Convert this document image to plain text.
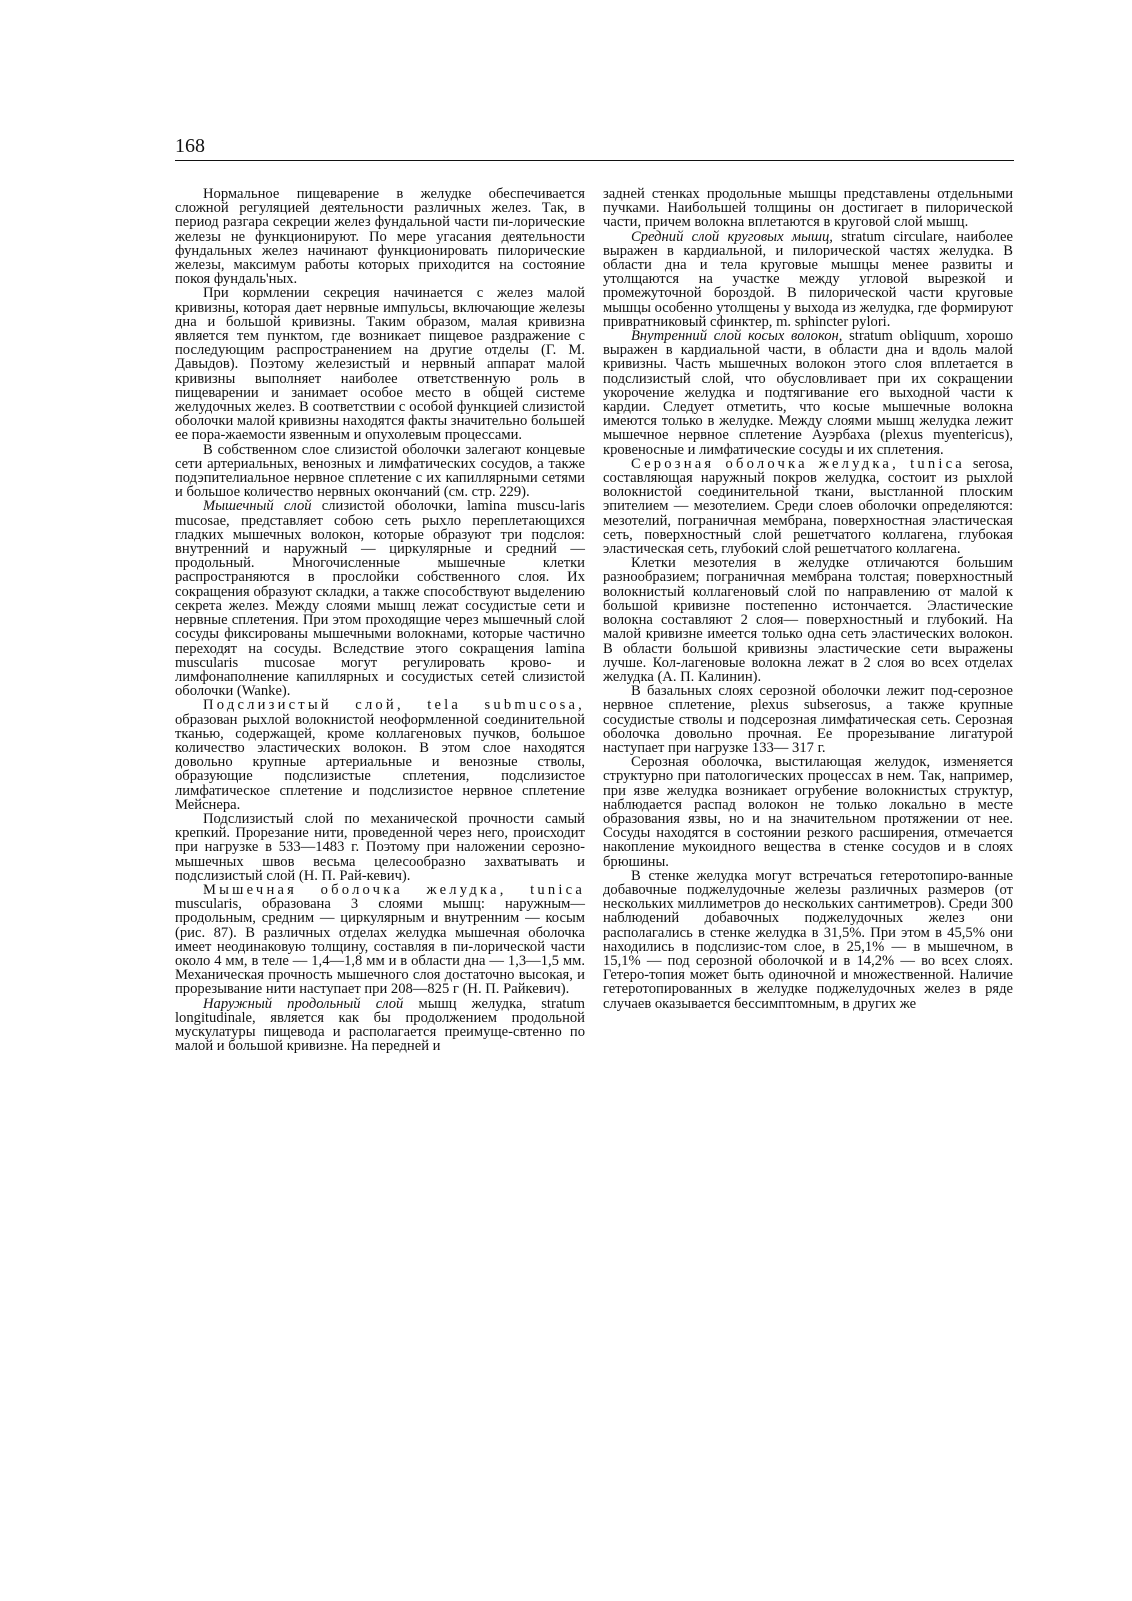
168

Нормальное пищеварение в желудке обеспечивается сложной регуляцией деятельности различных желез. Так, в период разгара секреции желез фундальной части пи-лорические железы не функционируют. По мере угасания деятельности фундальных желез начинают функционировать пилорические железы, максимум работы которых приходится на состояние покоя фундаль'ных.

При кормлении секреция начинается с желез малой кривизны, которая дает нервные импульсы, включающие железы дна и большой кривизны. Таким образом, малая кривизна является тем пунктом, где возникает пищевое раздражение с последующим распространением на другие отделы (Г. М. Давыдов). Поэтому железистый и нервный аппарат малой кривизны выполняет наиболее ответственную роль в пищеварении и занимает особое место в общей системе желудочных желез. В соответствии с особой функцией слизистой оболочки малой кривизны находятся факты значительно большей ее пора-жаемости язвенным и опухолевым процессами.

В собственном слое слизистой оболочки залегают концевые сети артериальных, венозных и лимфатических сосудов, а также подэпителиальное нервное сплетение с их капиллярными сетями и большое количество нервных окончаний (см. стр. 229).

Мышечный слой слизистой оболочки, lamina muscu-laris mucosae, представляет собою сеть рыхло переплетающихся гладких мышечных волокон, которые образуют три подслоя: внутренний и наружный — циркулярные и средний — продольный. Многочисленные мышечные клетки распространяются в прослойки собственного слоя. Их сокращения образуют складки, а также способствуют выделению секрета желез. Между слоями мышц лежат сосудистые сети и нервные сплетения. При этом проходящие через мышечный слой сосуды фиксированы мышечными волокнами, которые частично переходят на сосуды. Вследствие этого сокращения lamina muscularis mucosae могут регулировать крово- и лимфонаполнение капиллярных и сосудистых сетей слизистой оболочки (Wanke).

Подслизистый слой, tela submucosa, образован рыхлой волокнистой неоформленной соединительной тканью, содержащей, кроме коллагеновых пучков, большое количество эластических волокон. В этом слое находятся довольно крупные артериальные и венозные стволы, образующие подслизистые сплетения, подслизистое лимфатическое сплетение и подслизистое нервное сплетение Мейснера.

Подслизистый слой по механической прочности самый крепкий. Прорезание нити, проведенной через него, происходит при нагрузке в 533—1483 г. Поэтому при наложении серозно-мышечных швов весьма целесообразно захватывать и подслизистый слой (Н. П. Рай-кевич).

Мышечная оболочка желудка, tunica muscularis, образована 3 слоями мышц: наружным— продольным, средним — циркулярным и внутренним — косым (рис. 87). В различных отделах желудка мышечная оболочка имеет неодинаковую толщину, составляя в пи-лорической части около 4 мм, в теле — 1,4—1,8 мм и в области дна — 1,3—1,5 мм. Механическая прочность мышечного слоя достаточно высокая, и прорезывание нити наступает при 208—825 г (Н. П. Райкевич).

Наружный продольный слой мышц желудка, stratum longitudinale, является как бы продолжением продольной мускулатуры пищевода и располагается преимуще-свтенно по малой и большой кривизне. На передней и

задней стенках продольные мышцы представлены отдельными пучками. Наибольшей толщины он достигает в пилорической части, причем волокна вплетаются в круговой слой мышц.

Средний слой круговых мышц, stratum circulare, наиболее выражен в кардиальной, и пилорической частях желудка. В области дна и тела круговые мышцы менее развиты и утолщаются на участке между угловой вырезкой и промежуточной бороздой. В пилорической части круговые мышцы особенно утолщены у выхода из желудка, где формируют привратниковый сфинктер, m. sphincter pylori.

Внутренний слой косых волокон, stratum obliquum, хорошо выражен в кардиальной части, в области дна и вдоль малой кривизны. Часть мышечных волокон этого слоя вплетается в подслизистый слой, что обусловливает при их сокращении укорочение желудка и подтягивание его выходной части к кардии. Следует отметить, что косые мышечные волокна имеются только в желудке. Между слоями мышц желудка лежит мышечное нервное сплетение Ауэрбаха (plexus myentericus), кровеносные и лимфатические сосуды и их сплетения.

Серозная оболочка желудка, tunica serosa, составляющая наружный покров желудка, состоит из рыхлой волокнистой соединительной ткани, выстланной плоским эпителием — мезотелием. Среди слоев оболочки определяются: мезотелий, пограничная мембрана, поверхностная эластическая сеть, поверхностный слой решетчатого коллагена, глубокая эластическая сеть, глубокий слой решетчатого коллагена.

Клетки мезотелия в желудке отличаются большим разнообразием; пограничная мембрана толстая; поверхностный волокнистый коллагеновый слой по направлению от малой к большой кривизне постепенно истончается. Эластические волокна составляют 2 слоя— поверхностный и глубокий. На малой кривизне имеется только одна сеть эластических волокон. В области большой кривизны эластические сети выражены лучше. Кол-лагеновые волокна лежат в 2 слоя во всех отделах желудка (А. П. Калинин).

В базальных слоях серозной оболочки лежит под-серозное нервное сплетение, plexus subserosus, а также крупные сосудистые стволы и подсерозная лимфатическая сеть. Серозная оболочка довольно прочная. Ее прорезывание лигатурой наступает при нагрузке 133— 317 г.

Серозная оболочка, выстилающая желудок, изменяется структурно при патологических процессах в нем. Так, например, при язве желудка возникает огрубение волокнистых структур, наблюдается распад волокон не только локально в месте образования язвы, но и на значительном протяжении от нее. Сосуды находятся в состоянии резкого расширения, отмечается накопление мукоидного вещества в стенке сосудов и в слоях брюшины.

В стенке желудка могут встречаться гетеротопиро-ванные добавочные поджелудочные железы различных размеров (от нескольких миллиметров до нескольких сантиметров). Среди 300 наблюдений добавочных поджелудочных желез они располагались в стенке желудка в 31,5%. При этом в 45,5% они находились в подслизис-том слое, в 25,1% — в мышечном, в 15,1% — под серозной оболочкой и в 14,2% — во всех слоях. Гетеро-топия может быть одиночной и множественной. Наличие гетеротопированных в желудке поджелудочных желез в ряде случаев оказывается бессимптомным, в других же
